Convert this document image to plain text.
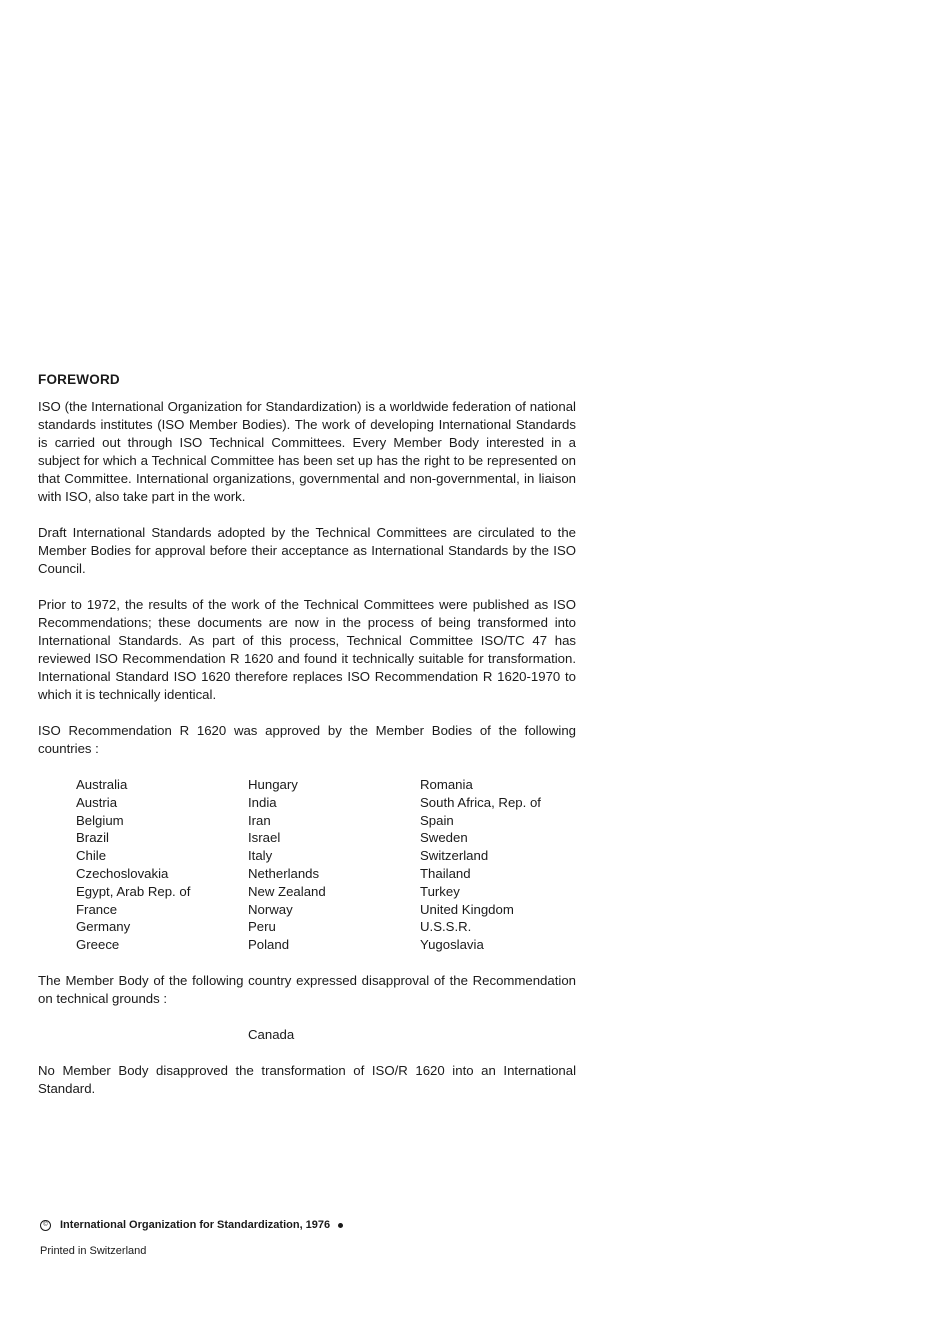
FOREWORD

ISO (the International Organization for Standardization) is a worldwide federation of national standards institutes (ISO Member Bodies). The work of developing International Standards is carried out through ISO Technical Committees. Every Member Body interested in a subject for which a Technical Committee has been set up has the right to be represented on that Committee. International organizations, governmental and non-governmental, in liaison with ISO, also take part in the work.

Draft International Standards adopted by the Technical Committees are circulated to the Member Bodies for approval before their acceptance as International Standards by the ISO Council.

Prior to 1972, the results of the work of the Technical Committees were published as ISO Recommendations; these documents are now in the process of being transformed into International Standards. As part of this process, Technical Committee ISO/TC 47 has reviewed ISO Recommendation R 1620 and found it technically suitable for transformation. International Standard ISO 1620 therefore replaces ISO Recommendation R 1620-1970 to which it is technically identical.

ISO Recommendation R 1620 was approved by the Member Bodies of the following countries :

Australia	Hungary	Romania
Austria	India	South Africa, Rep. of
Belgium	Iran	Spain
Brazil	Israel	Sweden
Chile	Italy	Switzerland
Czechoslovakia	Netherlands	Thailand
Egypt, Arab Rep. of	New Zealand	Turkey
France	Norway	United Kingdom
Germany	Peru	U.S.S.R.
Greece	Poland	Yugoslavia

The Member Body of the following country expressed disapproval of the Recommendation on technical grounds :

Canada

No Member Body disapproved the transformation of ISO/R 1620 into an International Standard.

© International Organization for Standardization, 1976
Printed in Switzerland
